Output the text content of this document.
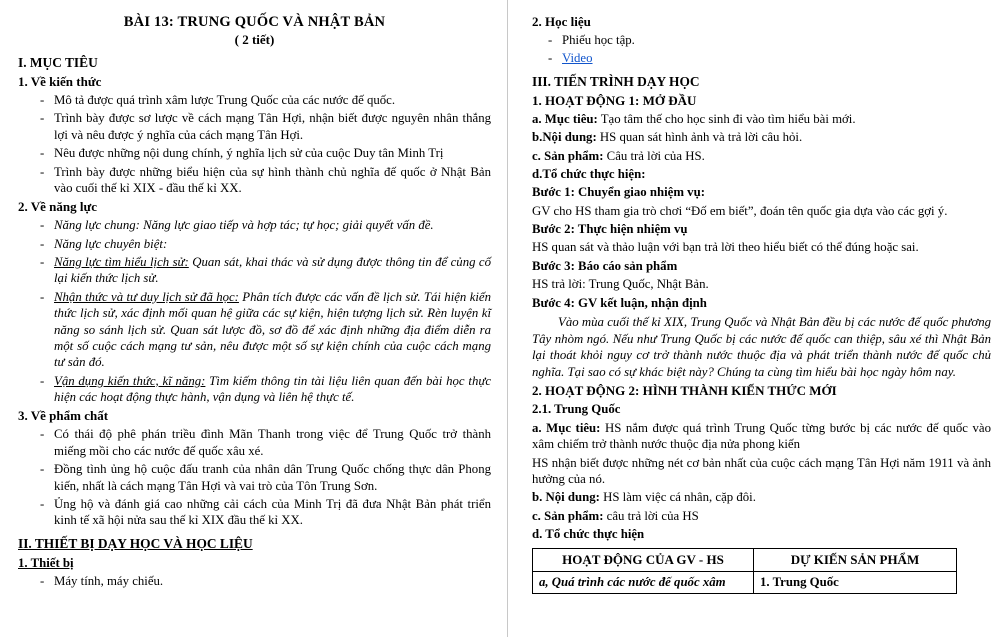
BÀI 13: TRUNG QUỐC VÀ NHẬT BẢN
( 2 tiết)
I. MỤC TIÊU
1. Về kiến thức
- Mô tả được quá trình xâm lược Trung Quốc của các nước đế quốc.
- Trình bày được sơ lược về cách mạng Tân Hợi, nhận biết được nguyên nhân thắng lợi và nêu được ý nghĩa của cách mạng Tân Hợi.
- Nêu được những nội dung chính, ý nghĩa lịch sử của cuộc Duy tân Minh Trị
- Trình bày được những biểu hiện của sự hình thành chủ nghĩa đế quốc ở Nhật Bản vào cuối thế kỉ XIX - đầu thế kỉ XX.
2. Về năng lực
- Năng lực chung: Năng lực giao tiếp và hợp tác; tự học; giải quyết vấn đề.
- Năng lực chuyên biệt:
- Năng lực tìm hiểu lịch sử: Quan sát, khai thác và sử dụng được thông tin để củng cố lại kiến thức lịch sử.
- Nhận thức và tư duy lịch sử đã học: Phân tích được các vấn đề lịch sử. Tái hiện kiến thức lịch sử, xác định mối quan hệ giữa các sự kiện, hiện tượng lịch sử. Rèn luyện kĩ năng so sánh lịch sử. Quan sát lược đồ, sơ đồ để xác định những địa điểm diễn ra một số cuộc cách mạng tư sản, nêu được một số sự kiện chính của cuộc cách mạng tư sản đó.
- Vận dụng kiến thức, kĩ năng: Tìm kiếm thông tin tài liệu liên quan đến bài học thực hiện các hoạt động thực hành, vận dụng và liên hệ thực tế.
3. Về phẩm chất
- Có thái độ phê phán triều đình Mãn Thanh trong việc để Trung Quốc trở thành miếng mồi cho các nước đế quốc xâu xé.
- Đồng tình ủng hộ cuộc đấu tranh của nhân dân Trung Quốc chống thực dân Phong kiến, nhất là cách mạng Tân Hợi và vai trò của Tôn Trung Sơn.
- Ủng hộ và đánh giá cao những cải cách của Minh Trị đã đưa Nhật Bản phát triển kinh tế xã hội nửa sau thế kỉ XIX đầu thế kỉ XX.
II. THIẾT BỊ DẠY HỌC VÀ HỌC LIỆU
1. Thiết bị
- Máy tính, máy chiếu.
2. Học liệu
- Phiếu học tập.
- Video
III. TIẾN TRÌNH DẠY HỌC
1. HOẠT ĐỘNG 1: MỞ ĐẦU
a. Mục tiêu: Tạo tâm thế cho học sinh đi vào tìm hiểu bài mới.
b.Nội dung: HS quan sát hình ảnh và trả lời câu hỏi.
c. Sản phẩm: Câu trả lời của HS.
d.Tổ chức thực hiện:
Bước 1: Chuyển giao nhiệm vụ:
GV cho HS tham gia trò chơi “Đố em biết”, đoán tên quốc gia dựa vào các gợi ý.
Bước 2: Thực hiện nhiệm vụ
HS quan sát và thảo luận với bạn trả lời theo hiểu biết có thể đúng hoặc sai.
Bước 3: Báo cáo sản phẩm
HS trả lời: Trung Quốc, Nhật Bản.
Bước 4: GV kết luận, nhận định
Vào mùa cuối thế kỉ XIX, Trung Quốc và Nhật Bản đều bị các nước đế quốc phương Tây nhòm ngó. Nếu như Trung Quốc bị các nước đế quốc can thiệp, sâu xé thì Nhật Bản lại thoát khỏi nguy cơ trở thành nước thuộc địa và phát triển thành nước đế quốc chủ nghĩa. Tại sao có sự khác biệt này? Chúng ta cùng tìm hiểu bài học ngày hôm nay.
2. HOẠT ĐỘNG 2: HÌNH THÀNH KIẾN THỨC MỚI
2.1. Trung Quốc
a. Mục tiêu: HS nắm được quá trình Trung Quốc từng bước bị các nước đế quốc vào xâm chiếm trở thành nước thuộc địa nửa phong kiến
HS nhận biết được những nét cơ bản nhất của cuộc cách mạng Tân Hợi năm 1911 và ảnh hưởng của nó.
b. Nội dung: HS làm việc cá nhân, cặp đôi.
c. Sản phẩm: câu trả lời của HS
d. Tổ chức thực hiện
HOẠT ĐỘNG CỦA GV - HS	DỰ KIẾN SẢN PHẨM
a, Quá trình các nước đế quốc xâm	1. Trung Quốc
